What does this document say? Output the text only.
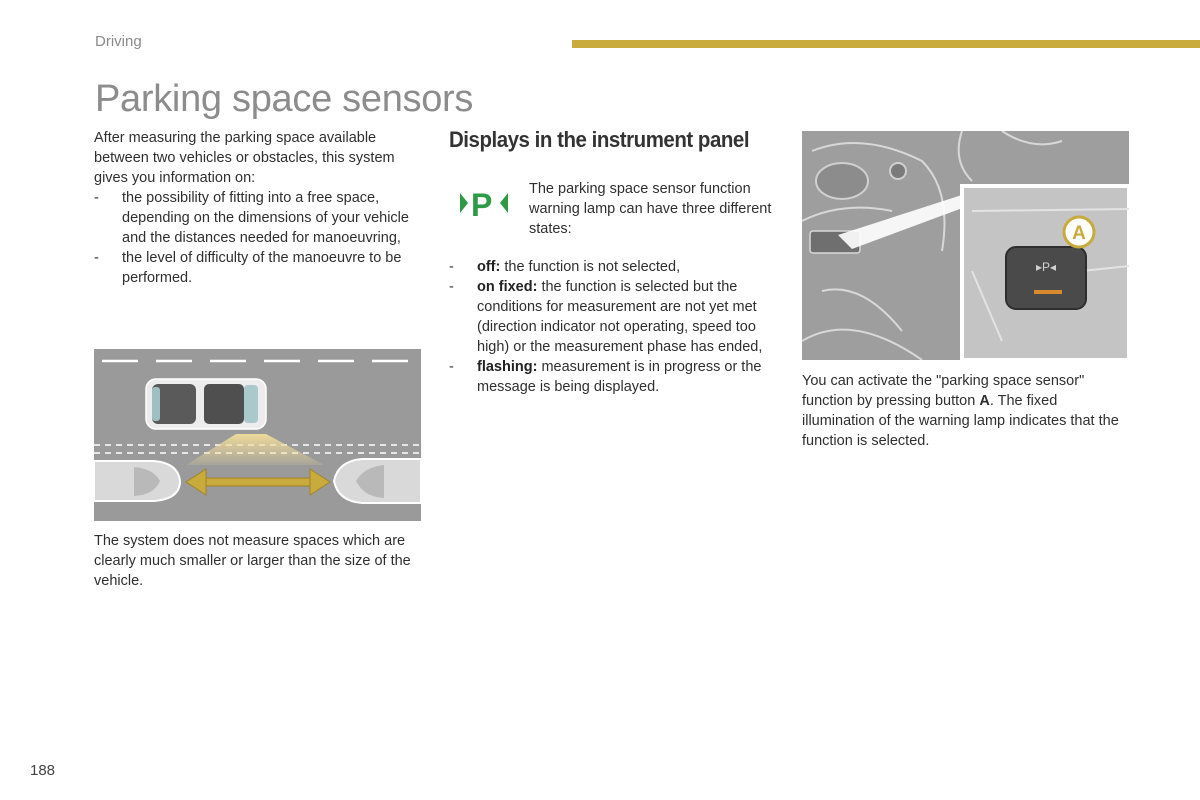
Driving
Parking space sensors

After measuring the parking space available between two vehicles or obstacles, this system gives you information on:

- the possibility of fitting into a free space, depending on the dimensions of your vehicle and the distances needed for manoeuvring,
- the level of difficulty of the manoeuvre to be performed.

The system does not measure spaces which are clearly much smaller or larger than the size of the vehicle.

Displays in the instrument panel
P	The parking space sensor function warning lamp can have three different states:

- off: the function is not selected,
- on fixed: the function is selected but the conditions for measurement are not yet met (direction indicator not operating, speed too high) or the measurement phase has ended,
- flashing: measurement is in progress or the message is being displayed.
▸P◂
A

You can activate the "parking space sensor" function by pressing button A. The fixed illumination of the warning lamp indicates that the function is selected.

188
